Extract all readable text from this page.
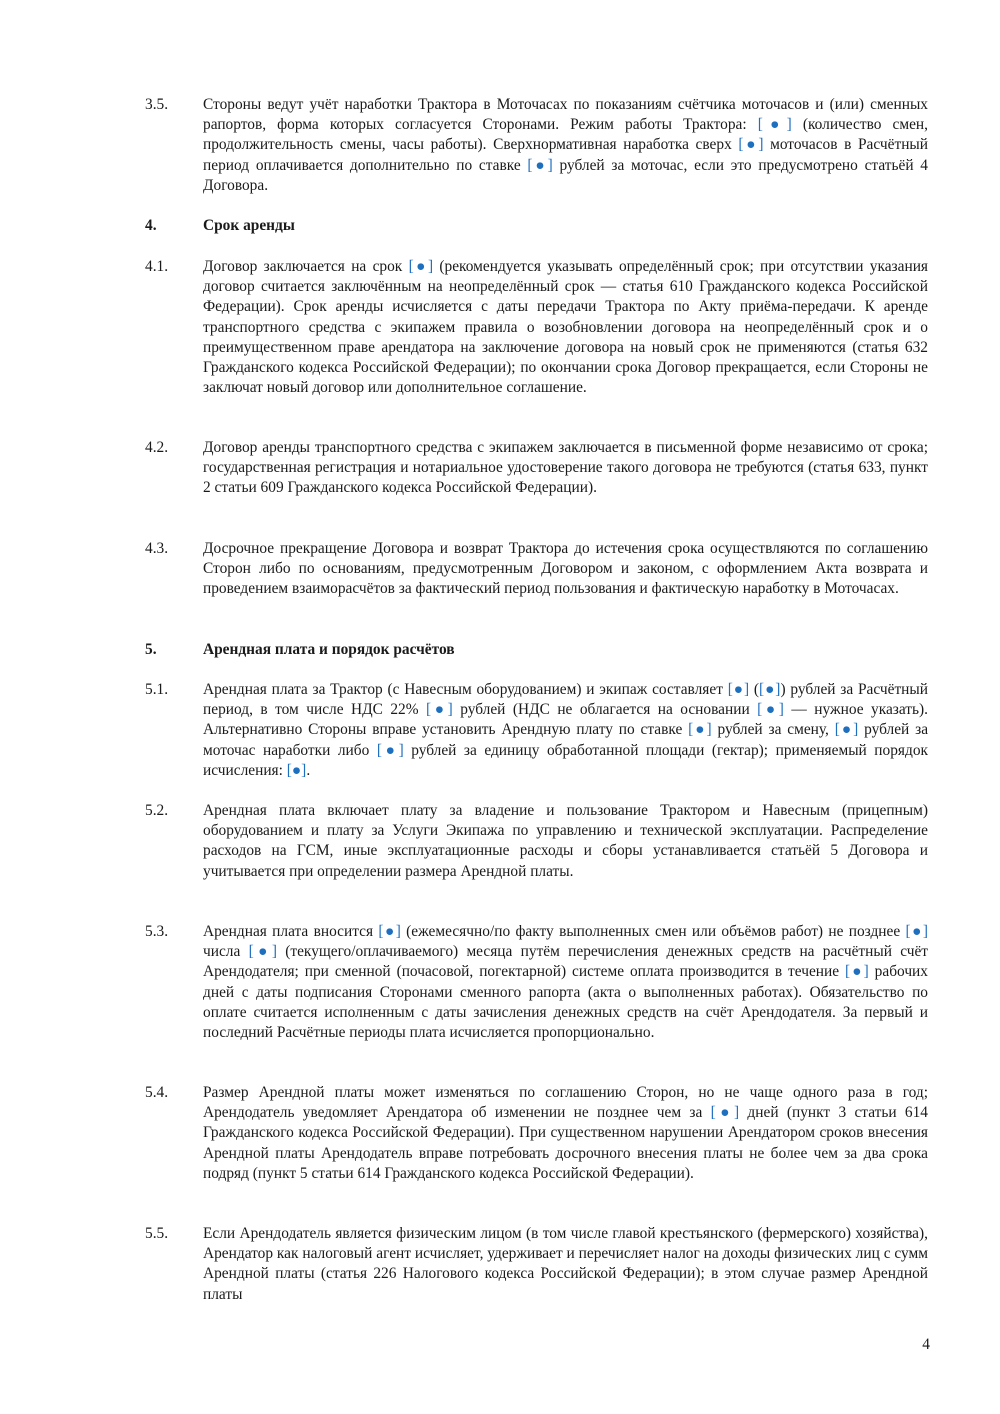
3.5.	Стороны ведут учёт наработки Трактора в Моточасах по показаниям счётчика моточасов и (или) сменных рапортов, форма которых согласуется Сторонами. Режим работы Трактора: [●] (количество смен, продолжительность смены, часы работы). Сверхнормативная наработка сверх [●] моточасов в Расчётный период оплачивается дополнительно по ставке [●] рублей за моточас, если это предусмотрено статьёй 4 Договора.
4.	Срок аренды
4.1.	Договор заключается на срок [●] (рекомендуется указывать определённый срок; при отсутствии указания договор считается заключённым на неопределённый срок — статья 610 Гражданского кодекса Российской Федерации). Срок аренды исчисляется с даты передачи Трактора по Акту приёма-передачи. К аренде транспортного средства с экипажем правила о возобновлении договора на неопределённый срок и о преимущественном праве арендатора на заключение договора на новый срок не применяются (статья 632 Гражданского кодекса Российской Федерации); по окончании срока Договор прекращается, если Стороны не заключат новый договор или дополнительное соглашение.
4.2.	Договор аренды транспортного средства с экипажем заключается в письменной форме независимо от срока; государственная регистрация и нотариальное удостоверение такого договора не требуются (статья 633, пункт 2 статьи 609 Гражданского кодекса Российской Федерации).
4.3.	Досрочное прекращение Договора и возврат Трактора до истечения срока осуществляются по соглашению Сторон либо по основаниям, предусмотренным Договором и законом, с оформлением Акта возврата и проведением взаиморасчётов за фактический период пользования и фактическую наработку в Моточасах.
5.	Арендная плата и порядок расчётов
5.1.	Арендная плата за Трактор (с Навесным оборудованием) и экипаж составляет [●] ([●]) рублей за Расчётный период, в том числе НДС 22% [●] рублей (НДС не облагается на основании [●] — нужное указать). Альтернативно Стороны вправе установить Арендную плату по ставке [●] рублей за смену, [●] рублей за моточас наработки либо [●] рублей за единицу обработанной площади (гектар); применяемый порядок исчисления: [●].
5.2.	Арендная плата включает плату за владение и пользование Трактором и Навесным (прицепным) оборудованием и плату за Услуги Экипажа по управлению и технической эксплуатации. Распределение расходов на ГСМ, иные эксплуатационные расходы и сборы устанавливается статьёй 5 Договора и учитывается при определении размера Арендной платы.
5.3.	Арендная плата вносится [●] (ежемесячно/по факту выполненных смен или объёмов работ) не позднее [●] числа [●] (текущего/оплачиваемого) месяца путём перечисления денежных средств на расчётный счёт Арендодателя; при сменной (почасовой, погектарной) системе оплата производится в течение [●] рабочих дней с даты подписания Сторонами сменного рапорта (акта о выполненных работах). Обязательство по оплате считается исполненным с даты зачисления денежных средств на счёт Арендодателя. За первый и последний Расчётные периоды плата исчисляется пропорционально.
5.4.	Размер Арендной платы может изменяться по соглашению Сторон, но не чаще одного раза в год; Арендодатель уведомляет Арендатора об изменении не позднее чем за [●] дней (пункт 3 статьи 614 Гражданского кодекса Российской Федерации). При существенном нарушении Арендатором сроков внесения Арендной платы Арендодатель вправе потребовать досрочного внесения платы не более чем за два срока подряд (пункт 5 статьи 614 Гражданского кодекса Российской Федерации).
5.5.	Если Арендодатель является физическим лицом (в том числе главой крестьянского (фермерского) хозяйства), Арендатор как налоговый агент исчисляет, удерживает и перечисляет налог на доходы физических лиц с сумм Арендной платы (статья 226 Налогового кодекса Российской Федерации); в этом случае размер Арендной платы
4
